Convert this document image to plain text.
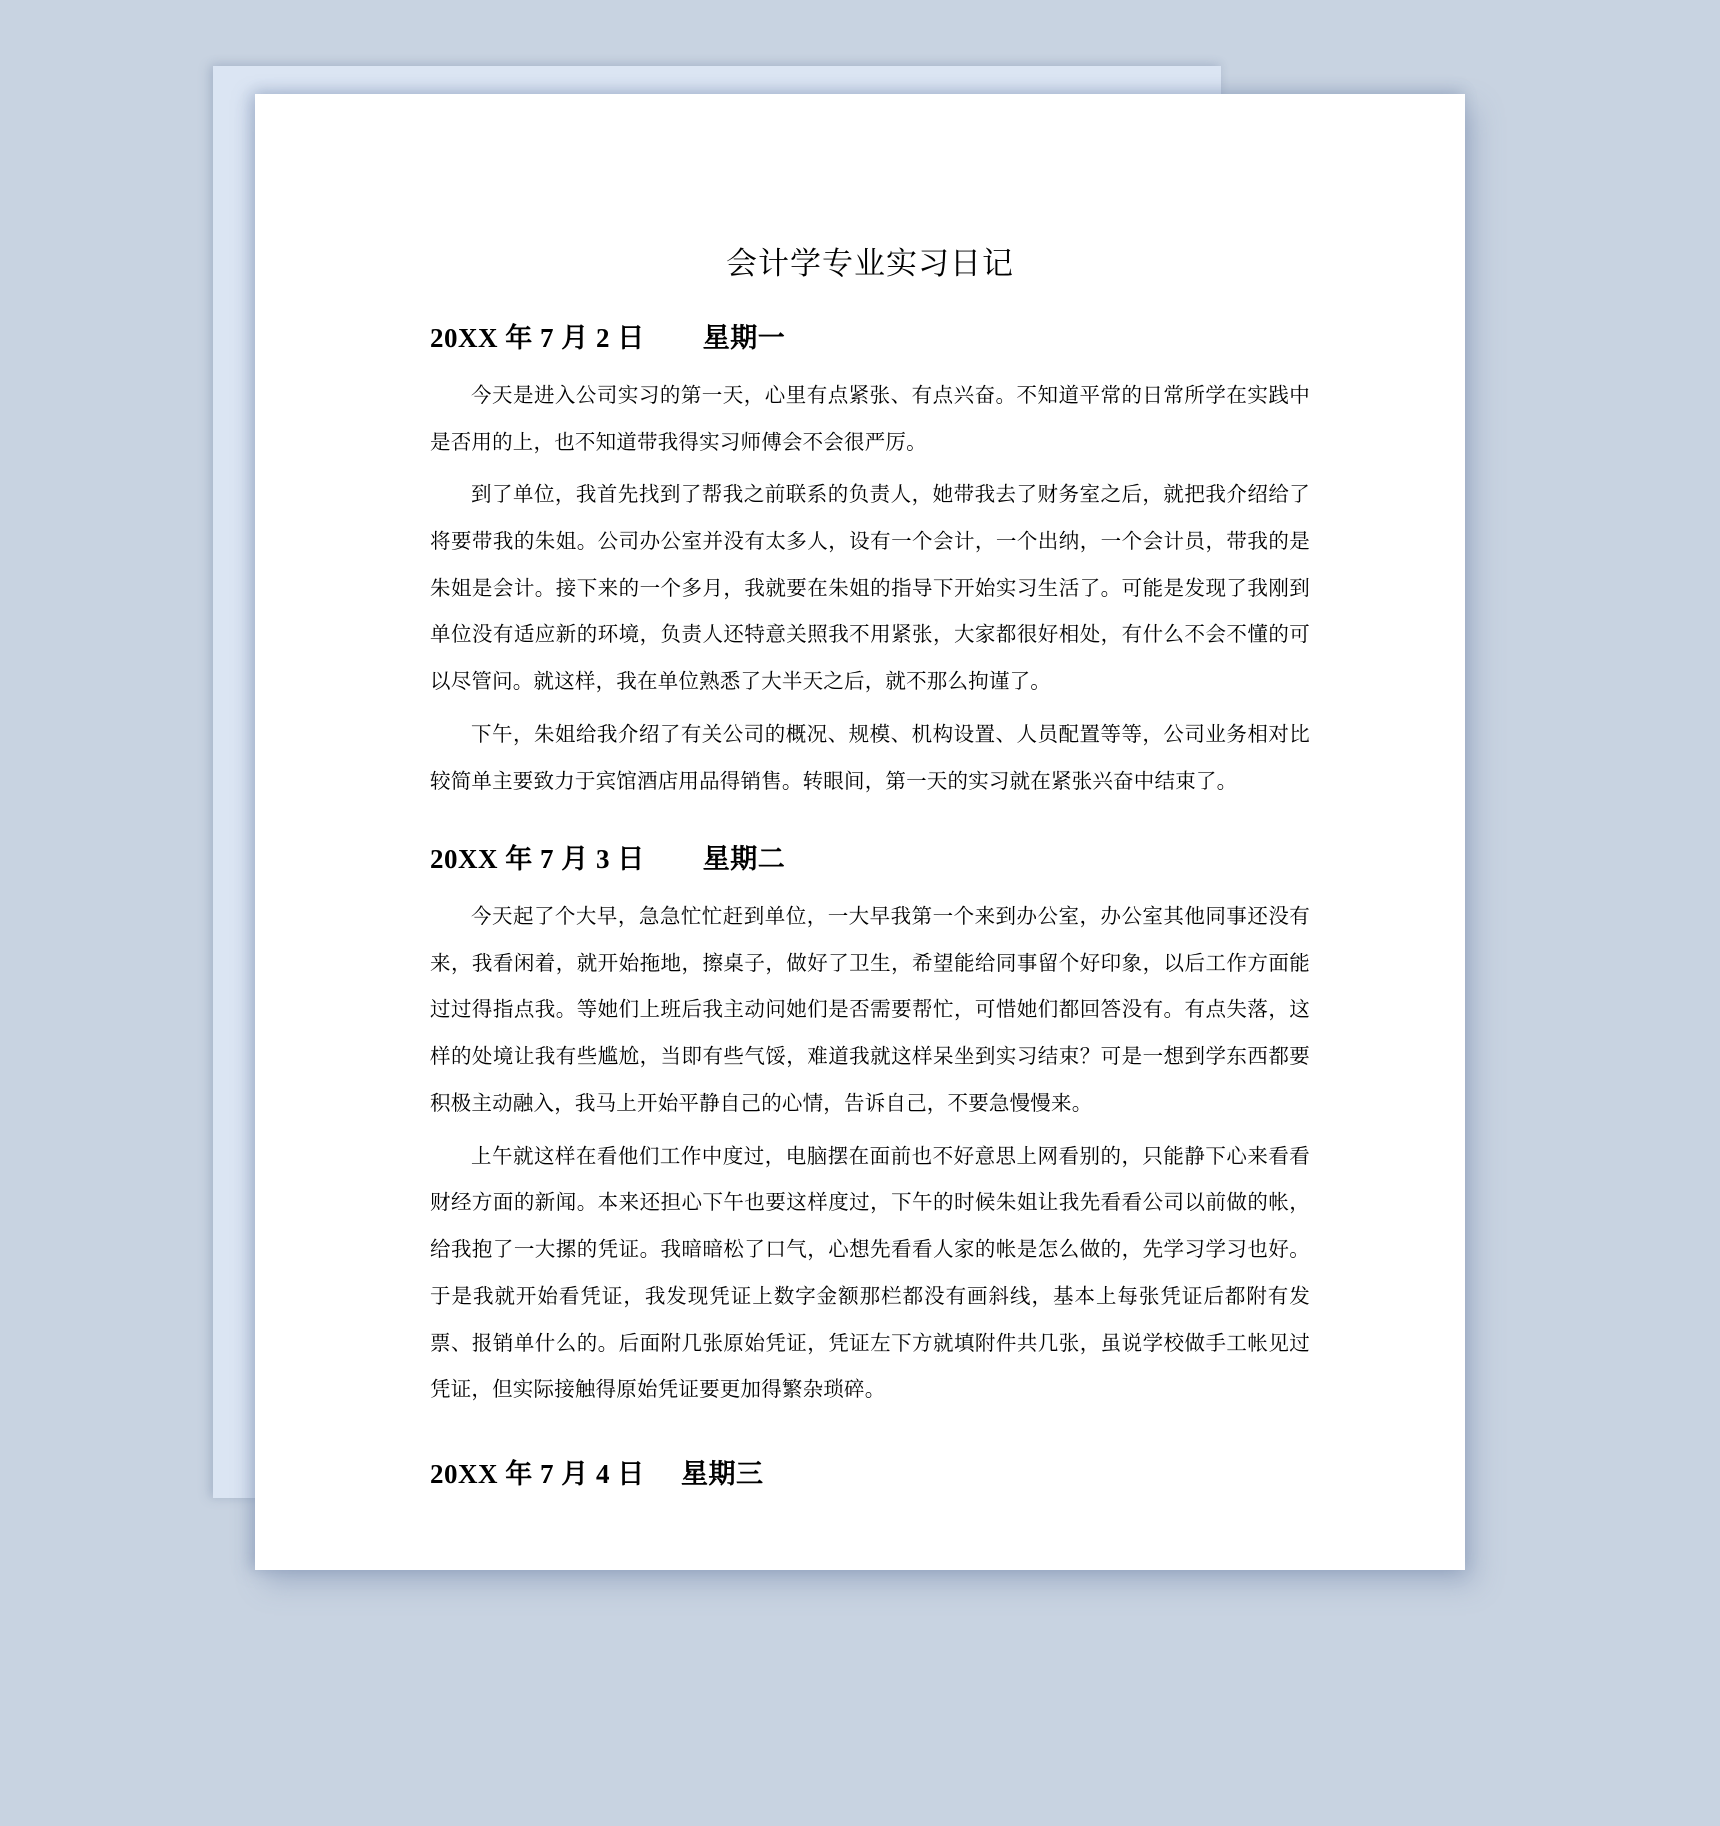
会计学专业实习日记
20XX 年 7 月 2 日        星期一

今天是进入公司实习的第一天，心里有点紧张、有点兴奋。不知道平常的日常所学在实践中是否用的上，也不知道带我得实习师傅会不会很严厉。

到了单位，我首先找到了帮我之前联系的负责人，她带我去了财务室之后，就把我介绍给了将要带我的朱姐。公司办公室并没有太多人，设有一个会计，一个出纳，一个会计员，带我的是朱姐是会计。接下来的一个多月，我就要在朱姐的指导下开始实习生活了。可能是发现了我刚到单位没有适应新的环境，负责人还特意关照我不用紧张，大家都很好相处，有什么不会不懂的可以尽管问。就这样，我在单位熟悉了大半天之后，就不那么拘谨了。

下午，朱姐给我介绍了有关公司的概况、规模、机构设置、人员配置等等，公司业务相对比较简单主要致力于宾馆酒店用品得销售。转眼间，第一天的实习就在紧张兴奋中结束了。

20XX 年 7 月 3 日        星期二

今天起了个大早，急急忙忙赶到单位，一大早我第一个来到办公室，办公室其他同事还没有来，我看闲着，就开始拖地，擦桌子，做好了卫生，希望能给同事留个好印象，以后工作方面能过过得指点我。等她们上班后我主动问她们是否需要帮忙，可惜她们都回答没有。有点失落，这样的处境让我有些尴尬，当即有些气馁，难道我就这样呆坐到实习结束？可是一想到学东西都要积极主动融入，我马上开始平静自己的心情，告诉自己，不要急慢慢来。

上午就这样在看他们工作中度过，电脑摆在面前也不好意思上网看别的，只能静下心来看看财经方面的新闻。本来还担心下午也要这样度过，下午的时候朱姐让我先看看公司以前做的帐，给我抱了一大摞的凭证。我暗暗松了口气，心想先看看人家的帐是怎么做的，先学习学习也好。于是我就开始看凭证，我发现凭证上数字金额那栏都没有画斜线，基本上每张凭证后都附有发票、报销单什么的。后面附几张原始凭证，凭证左下方就填附件共几张，虽说学校做手工帐见过凭证，但实际接触得原始凭证要更加得繁杂琐碎。

20XX 年 7 月 4 日     星期三
